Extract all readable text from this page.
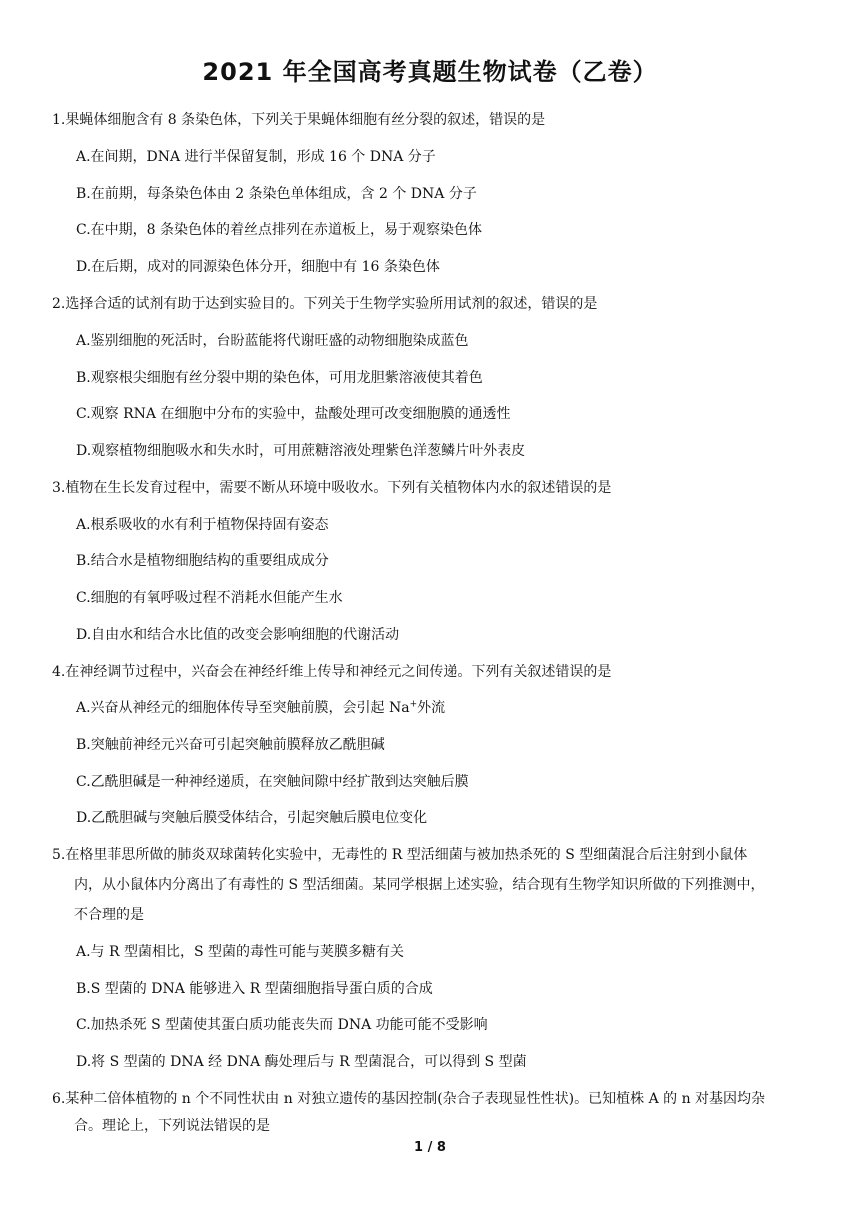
2021 年全国高考真题生物试卷（乙卷）
1.果蝇体细胞含有 8 条染色体，下列关于果蝇体细胞有丝分裂的叙述，错误的是
A.在间期，DNA 进行半保留复制，形成 16 个 DNA 分子
B.在前期，每条染色体由 2 条染色单体组成，含 2 个 DNA 分子
C.在中期，8 条染色体的着丝点排列在赤道板上，易于观察染色体
D.在后期，成对的同源染色体分开，细胞中有 16 条染色体
2.选择合适的试剂有助于达到实验目的。下列关于生物学实验所用试剂的叙述，错误的是
A.鉴别细胞的死活时，台盼蓝能将代谢旺盛的动物细胞染成蓝色
B.观察根尖细胞有丝分裂中期的染色体，可用龙胆紫溶液使其着色
C.观察 RNA 在细胞中分布的实验中，盐酸处理可改变细胞膜的通透性
D.观察植物细胞吸水和失水时，可用蔗糖溶液处理紫色洋葱鳞片叶外表皮
3.植物在生长发育过程中，需要不断从环境中吸收水。下列有关植物体内水的叙述错误的是
A.根系吸收的水有利于植物保持固有姿态
B.结合水是植物细胞结构的重要组成成分
C.细胞的有氧呼吸过程不消耗水但能产生水
D.自由水和结合水比值的改变会影响细胞的代谢活动
4.在神经调节过程中，兴奋会在神经纤维上传导和神经元之间传递。下列有关叙述错误的是
A.兴奋从神经元的细胞体传导至突触前膜，会引起 Na+外流
B.突触前神经元兴奋可引起突触前膜释放乙酰胆碱
C.乙酰胆碱是一种神经递质，在突触间隙中经扩散到达突触后膜
D.乙酰胆碱与突触后膜受体结合，引起突触后膜电位变化
5.在格里菲思所做的肺炎双球菌转化实验中，无毒性的 R 型活细菌与被加热杀死的 S 型细菌混合后注射到小鼠体
内，从小鼠体内分离出了有毒性的 S 型活细菌。某同学根据上述实验，结合现有生物学知识所做的下列推测中，
不合理的是
A.与 R 型菌相比，S 型菌的毒性可能与荚膜多糖有关
B.S 型菌的 DNA 能够进入 R 型菌细胞指导蛋白质的合成
C.加热杀死 S 型菌使其蛋白质功能丧失而 DNA 功能可能不受影响
D.将 S 型菌的 DNA 经 DNA 酶处理后与 R 型菌混合，可以得到 S 型菌
6.某种二倍体植物的 n 个不同性状由 n 对独立遗传的基因控制(杂合子表现显性性状)。已知植株 A 的 n 对基因均杂
合。理论上，下列说法错误的是
1 / 8
